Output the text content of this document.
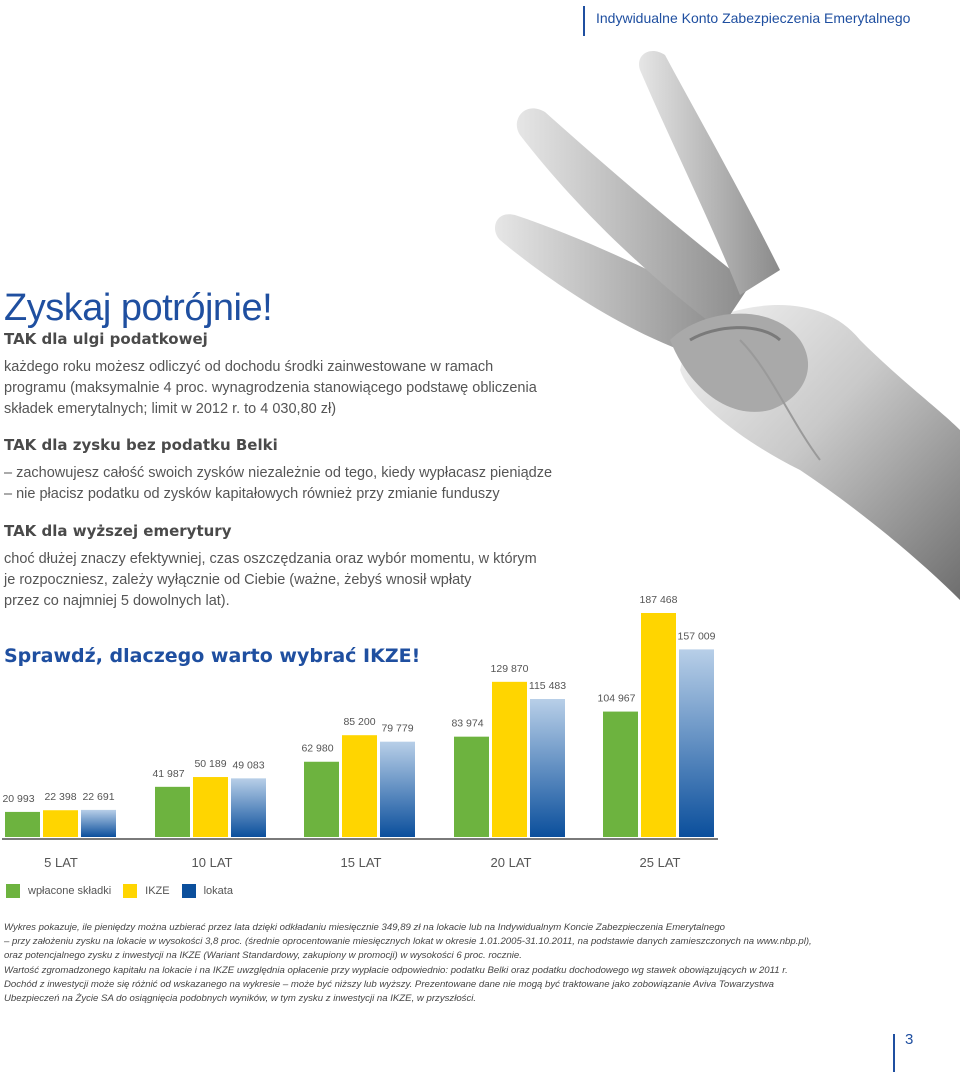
Indywidualne Konto Zabezpieczenia Emerytalnego
Zyskaj potrójnie!
TAK dla ulgi podatkowej

każdego roku możesz odliczyć od dochodu środki zainwestowane w ramach
programu (maksymalnie 4 proc. wynagrodzenia stanowiącego podstawę obliczenia
składek emerytalnych; limit w 2012 r. to 4 030,80 zł)

TAK dla zysku bez podatku Belki

– zachowujesz całość swoich zysków niezależnie od tego, kiedy wypłacasz pieniądze
– nie płacisz podatku od zysków kapitałowych również przy zmianie funduszy

TAK dla wyższej emerytury

choć dłużej znaczy efektywniej, czas oszczędzania oraz wybór momentu, w którym
je rozpoczniesz, zależy wyłącznie od Ciebie (ważne, żebyś wnosił wpłaty
przez co najmniej 5 dowolnych lat).

Sprawdź, dlaczego warto wybrać IKZE!
20 993
41 987
62 980
83 974
104 967
22 398
50 189
85 200
129 870
187 468
22 691
49 083
79 779
115 483
157 009
5 LAT	10 LAT	15 LAT	20 LAT	25 LAT
wpłacone składki	IKZE	lokata
Wykres pokazuje, ile pieniędzy można uzbierać przez lata dzięki odkładaniu miesięcznie 349,89 zł na lokacie lub na Indywidualnym Koncie Zabezpieczenia Emerytalnego
– przy założeniu zysku na lokacie w wysokości 3,8 proc. (średnie oprocentowanie miesięcznych lokat w okresie 1.01.2005-31.10.2011, na podstawie danych zamieszczonych na www.nbp.pl),
oraz potencjalnego zysku z inwestycji na IKZE (Wariant Standardowy, zakupiony w promocji) w wysokości 6 proc. rocznie.
Wartość zgromadzonego kapitału na lokacie i na IKZE uwzględnia opłacenie przy wypłacie odpowiednio: podatku Belki oraz podatku dochodowego wg stawek obowiązujących w 2011 r.
Dochód z inwestycji może się różnić od wskazanego na wykresie – może być niższy lub wyższy. Prezentowane dane nie mogą być traktowane jako zobowiązanie Aviva Towarzystwa
Ubezpieczeń na Życie SA do osiągnięcia podobnych wyników, w tym zysku z inwestycji na IKZE, w przyszłości.
3
